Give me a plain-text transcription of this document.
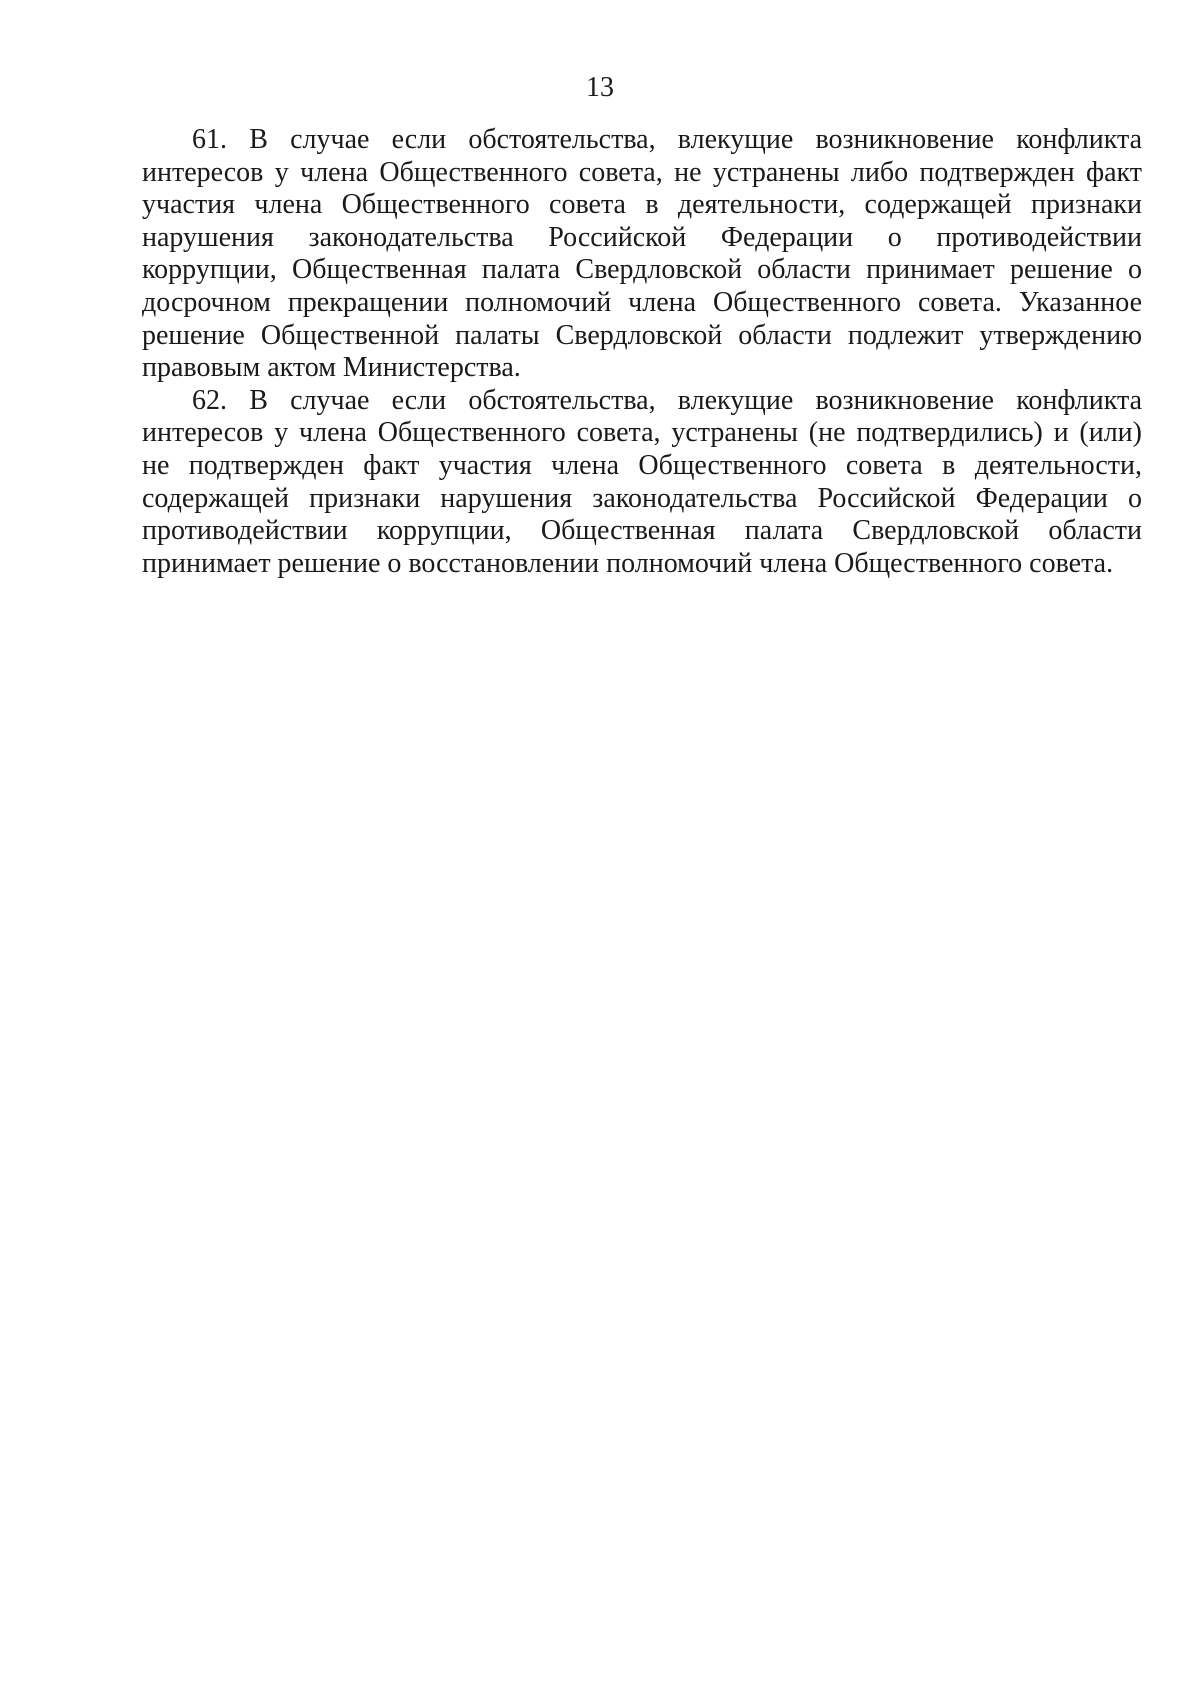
13

61. В случае если обстоятельства, влекущие возникновение конфликта интересов у члена Общественного совета, не устранены либо подтвержден факт участия члена Общественного совета в деятельности, содержащей признаки нарушения законодательства Российской Федерации о противодействии коррупции, Общественная палата Свердловской области принимает решение о досрочном прекращении полномочий члена Общественного совета. Указанное решение Общественной палаты Свердловской области подлежит утверждению правовым актом Министерства.

62. В случае если обстоятельства, влекущие возникновение конфликта интересов у члена Общественного совета, устранены (не подтвердились) и (или) не подтвержден факт участия члена Общественного совета в деятельности, содержащей признаки нарушения законодательства Российской Федерации о противодействии коррупции, Общественная палата Свердловской области принимает решение о восстановлении полномочий члена Общественного совета.
